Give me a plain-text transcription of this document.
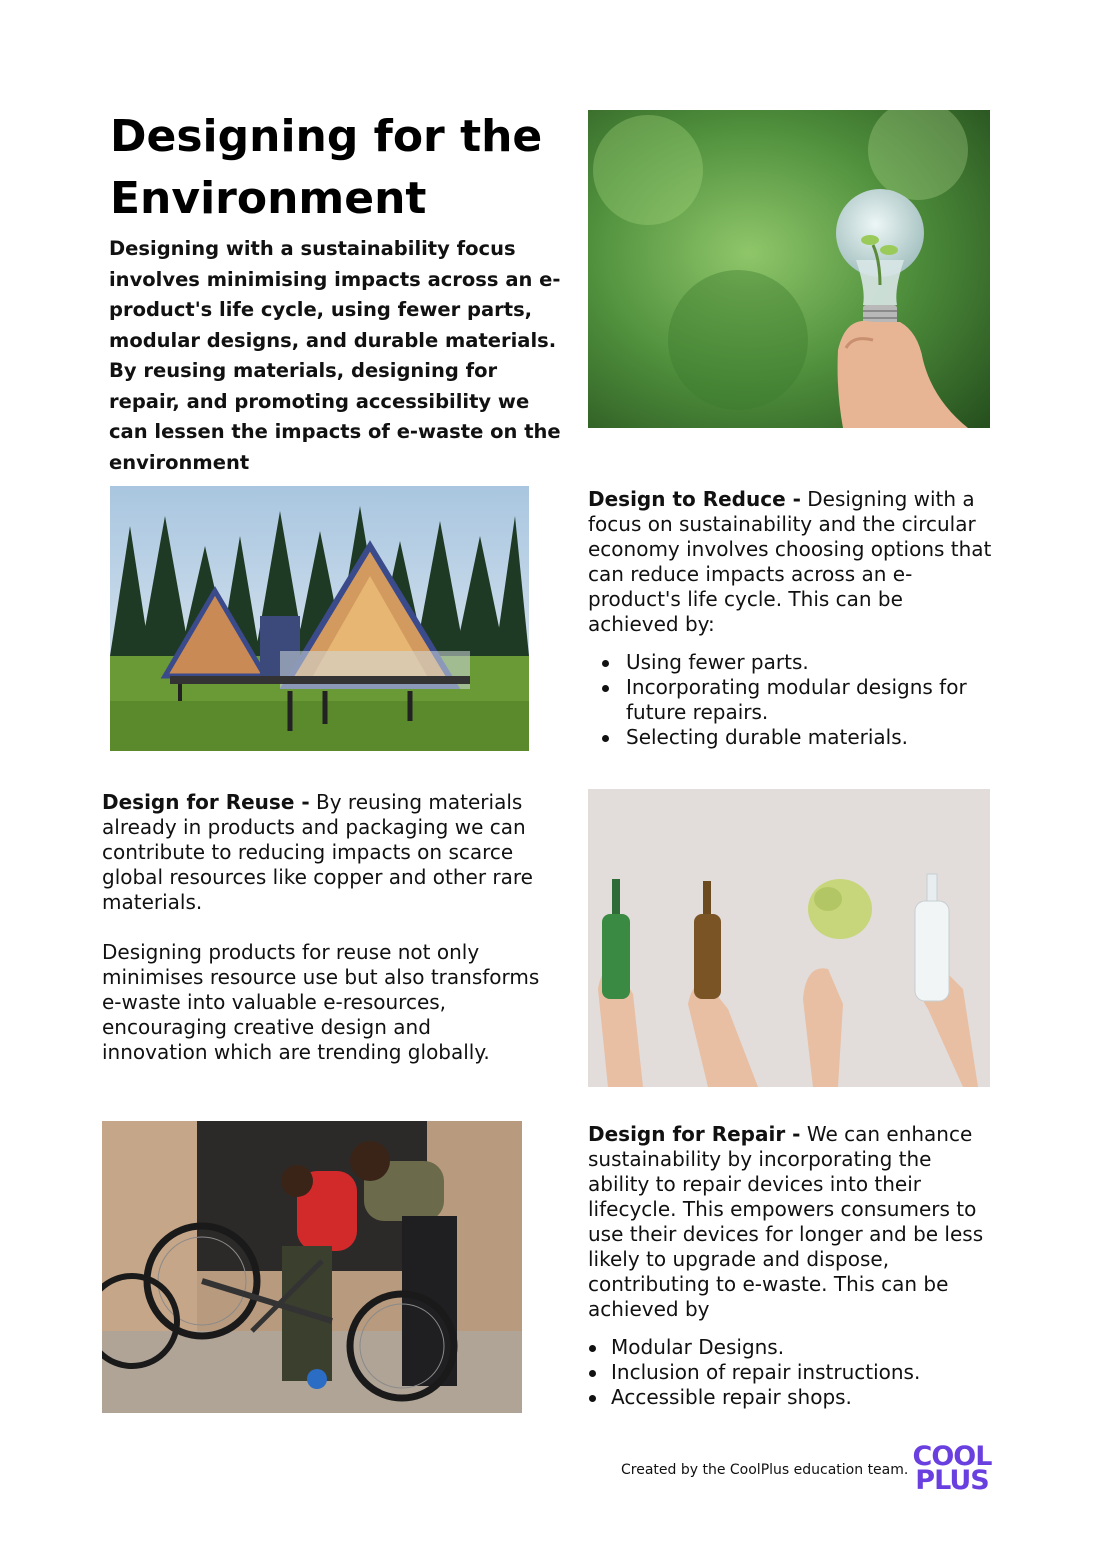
Designing for the Environment
Designing with a sustainability focus involves minimising impacts across an e-product's life cycle, using fewer parts, modular designs, and durable materials. By reusing materials, designing for repair, and promoting accessibility we can lessen the impacts of e-waste on the environment
Design to Reduce - Designing with a focus on sustainability and the circular economy involves choosing options that can reduce impacts across an e-product's life cycle. This can be achieved by:
Using fewer parts.
Incorporating modular designs for future repairs.
Selecting durable materials.
Design for Reuse - By reusing materials already in products and packaging we can contribute to reducing impacts on scarce global resources like copper and other rare materials.
Designing products for reuse not only minimises resource use but also transforms e-waste into valuable e-resources, encouraging creative design and innovation which are trending globally.
Design for Repair - We can enhance sustainability by incorporating the ability to repair devices into their lifecycle. This empowers consumers to use their devices for longer and be less likely to upgrade and dispose, contributing to e-waste. This can be achieved by
Modular Designs.
Inclusion of repair instructions.
Accessible repair shops.
Created by the CoolPlus education team. COOL
PLUS
